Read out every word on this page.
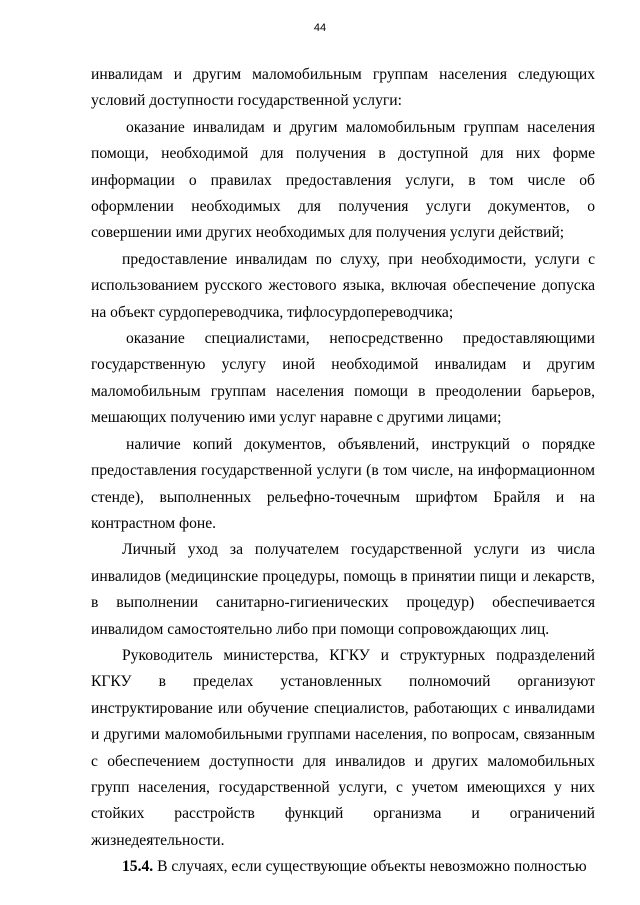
44

инвалидам и другим маломобильным группам населения следующих условий доступности государственной услуги:

оказание инвалидам и другим маломобильным группам населения помощи, необходимой для получения в доступной для них форме информации о правилах предоставления услуги, в том числе об оформлении необходимых для получения услуги документов, о совершении ими других необходимых для получения услуги действий;

предоставление инвалидам по слуху, при необходимости, услуги с использованием русского жестового языка, включая обеспечение допуска на объект сурдопереводчика, тифлосурдопереводчика;

оказание специалистами, непосредственно предоставляющими государственную услугу иной необходимой инвалидам и другим маломобильным группам населения помощи в преодолении барьеров, мешающих получению ими услуг наравне с другими лицами;

наличие копий документов, объявлений, инструкций о порядке предоставления государственной услуги (в том числе, на информационном стенде), выполненных рельефно-точечным шрифтом Брайля и на контрастном фоне.

Личный уход за получателем государственной услуги из числа инвалидов (медицинские процедуры, помощь в принятии пищи и лекарств, в выполнении санитарно-гигиенических процедур) обеспечивается инвалидом самостоятельно либо при помощи сопровождающих лиц.

Руководитель министерства, КГКУ и структурных подразделений КГКУ в пределах установленных полномочий организуют инструктирование или обучение специалистов, работающих с инвалидами и другими маломобильными группами населения, по вопросам, связанным с обеспечением доступности для инвалидов и других маломобильных групп населения, государственной услуги, с учетом имеющихся у них стойких расстройств функций организма и ограничений жизнедеятельности.

15.4. В случаях, если существующие объекты невозможно полностью
